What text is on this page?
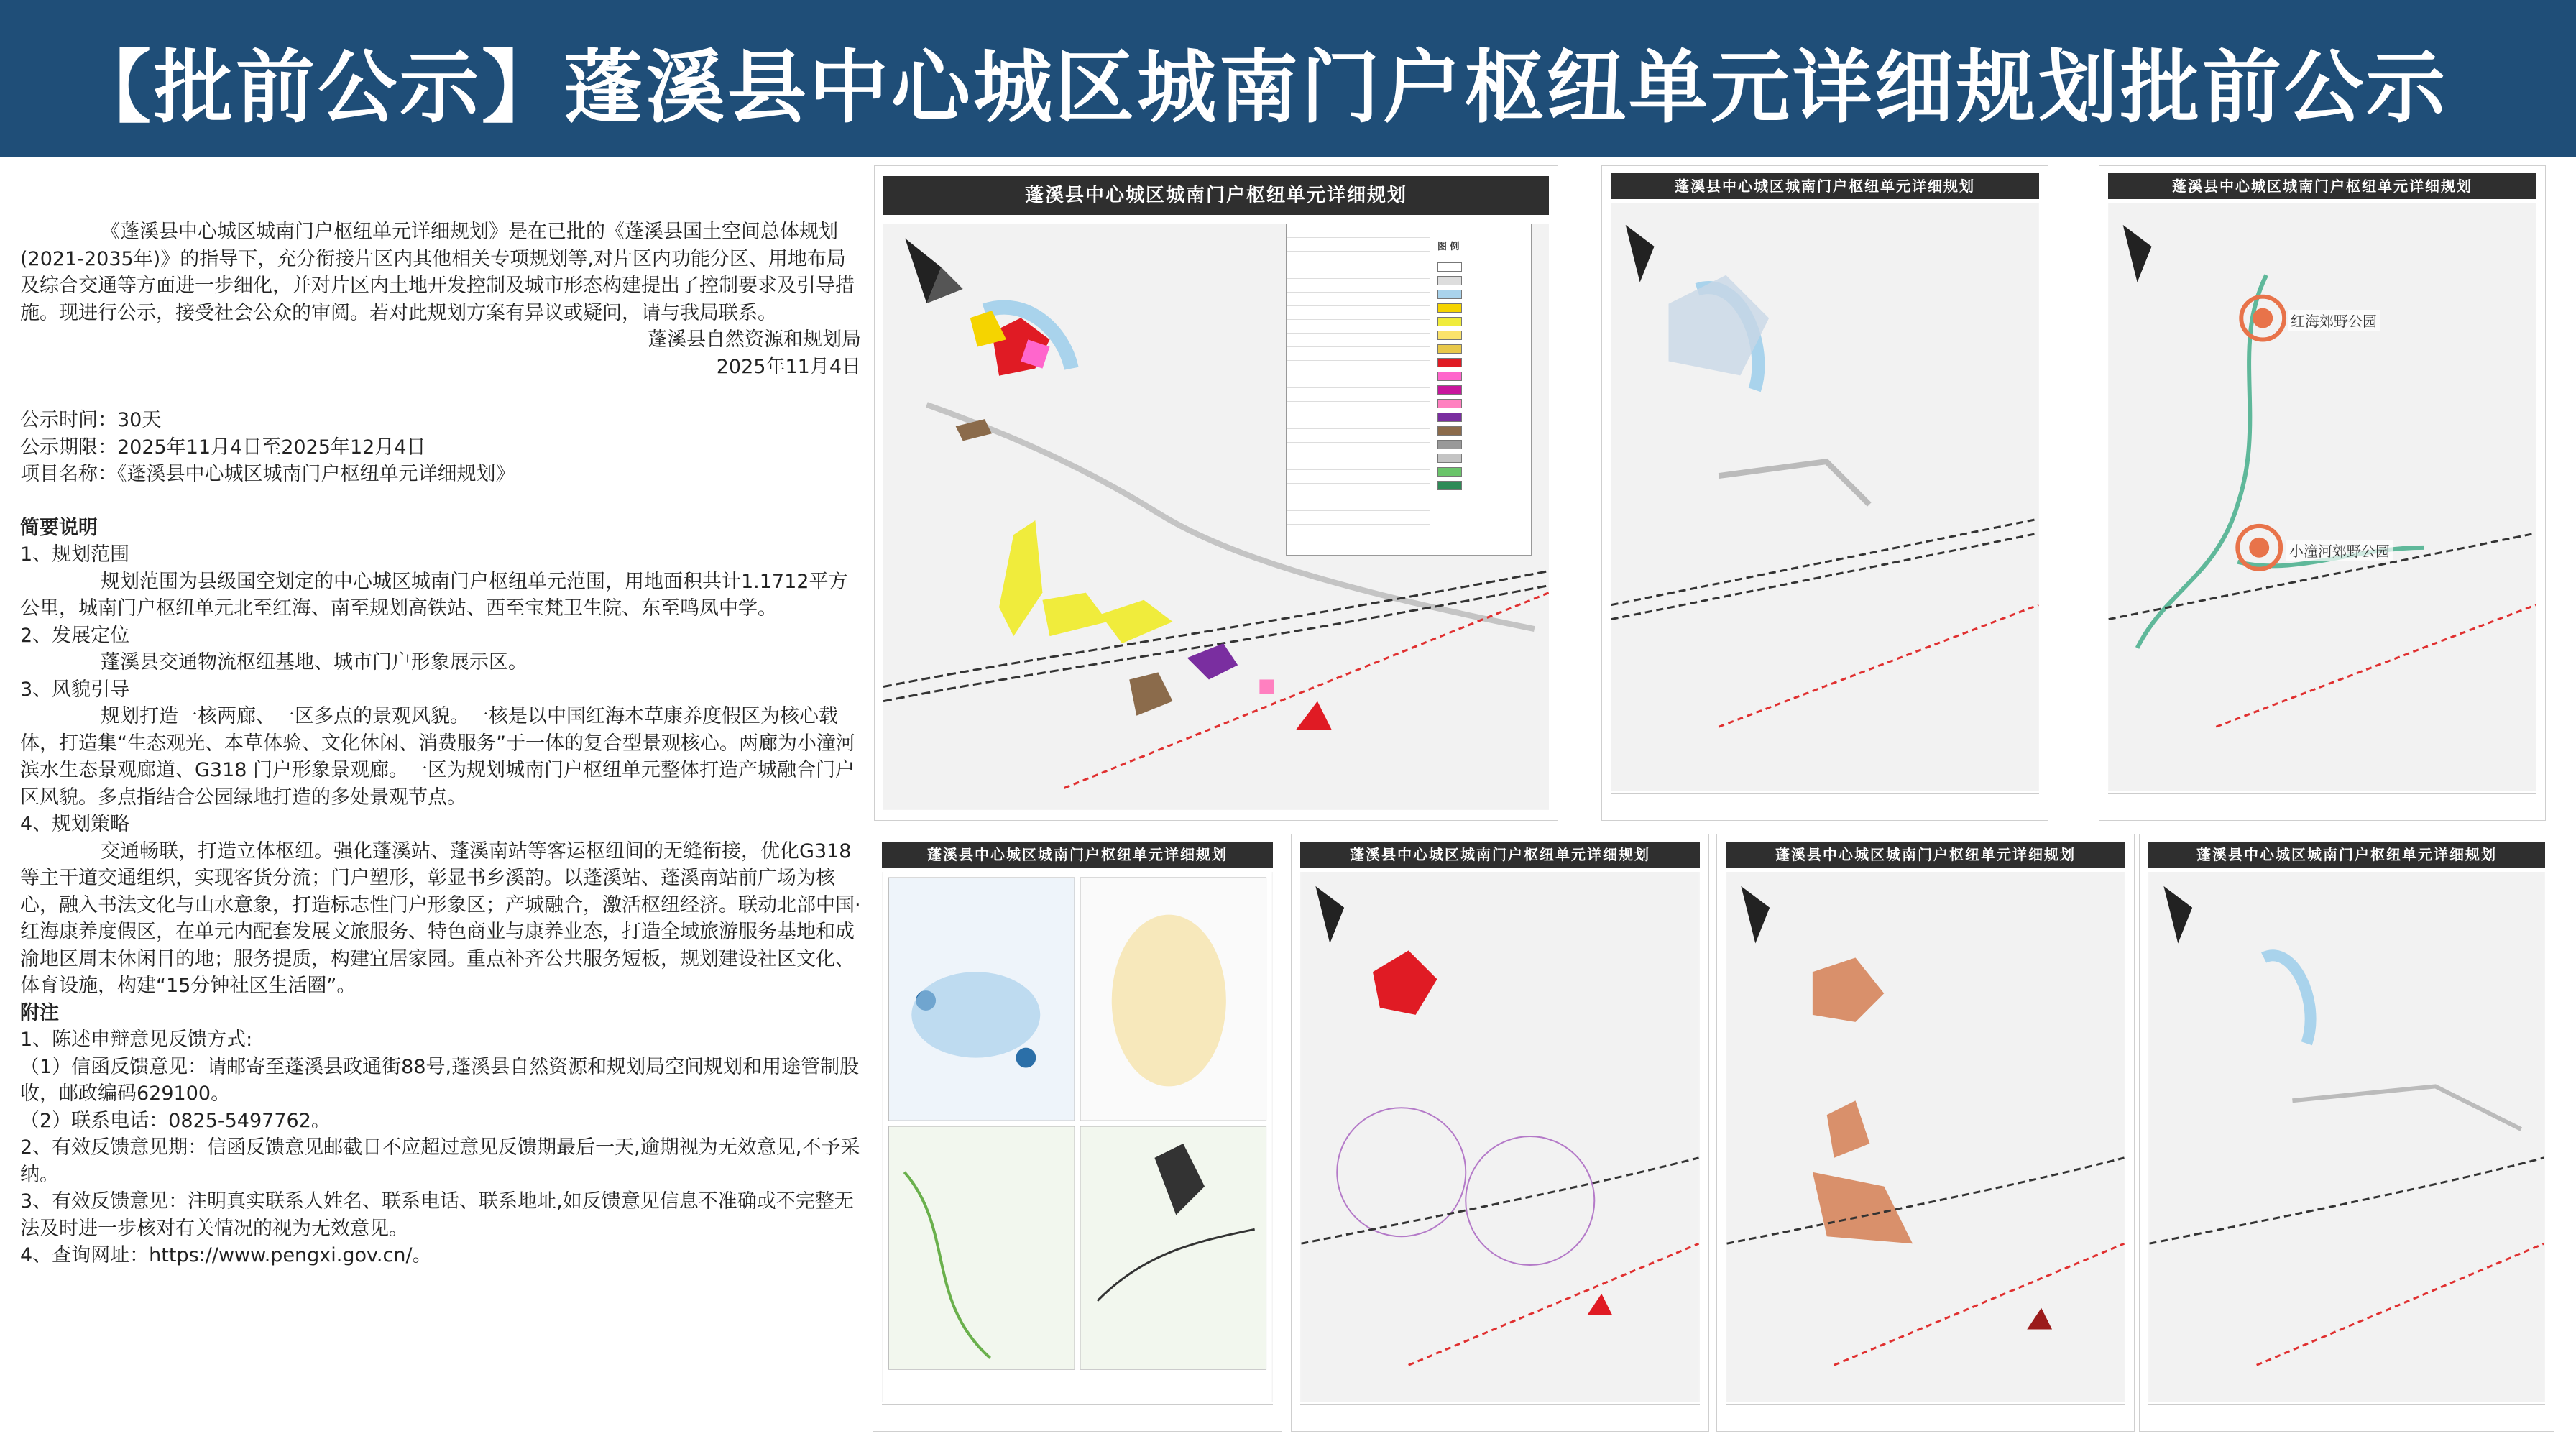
【批前公示】蓬溪县中心城区城南门户枢纽单元详细规划批前公示

《蓬溪县中心城区城南门户枢纽单元详细规划》是在已批的《蓬溪县国土空间总体规划(2021-2035年)》的指导下，充分衔接片区内其他相关专项规划等,对片区内功能分区、用地布局及综合交通等方面进一步细化，并对片区内土地开发控制及城市形态构建提出了控制要求及引导措施。现进行公示，接受社会公众的审阅。若对此规划方案有异议或疑问，请与我局联系。

蓬溪县自然资源和规划局

2025年11月4日

公示时间：30天

公示期限：2025年11月4日至2025年12月4日

项目名称：《蓬溪县中心城区城南门户枢纽单元详细规划》

简要说明

1、规划范围

规划范围为县级国空划定的中心城区城南门户枢纽单元范围，用地面积共计1.1712平方公里，城南门户枢纽单元北至红海、南至规划高铁站、西至宝梵卫生院、东至鸣凤中学。

2、发展定位

蓬溪县交通物流枢纽基地、城市门户形象展示区。

3、风貌引导

规划打造一核两廊、一区多点的景观风貌。一核是以中国红海本草康养度假区为核心载体，打造集“生态观光、本草体验、文化休闲、消费服务”于一体的复合型景观核心。两廊为小潼河滨水生态景观廊道、G318 门户形象景观廊。一区为规划城南门户枢纽单元整体打造产城融合门户区风貌。多点指结合公园绿地打造的多处景观节点。

4、规划策略

交通畅联，打造立体枢纽。强化蓬溪站、蓬溪南站等客运枢纽间的无缝衔接，优化G318等主干道交通组织，实现客货分流；门户塑形，彰显书乡溪韵。以蓬溪站、蓬溪南站前广场为核心，融入书法文化与山水意象，打造标志性门户形象区；产城融合，激活枢纽经济。联动北部中国·红海康养度假区，在单元内配套发展文旅服务、特色商业与康养业态，打造全域旅游服务基地和成渝地区周末休闲目的地；服务提质，构建宜居家园。重点补齐公共服务短板，规划建设社区文化、体育设施，构建“15分钟社区生活圈”。

附注

1、陈述申辩意见反馈方式:

（1）信函反馈意见：请邮寄至蓬溪县政通街88号,蓬溪县自然资源和规划局空间规划和用途管制股收，邮政编码629100。

（2）联系电话：0825-5497762。

2、有效反馈意见期：信函反馈意见邮截日不应超过意见反馈期最后一天,逾期视为无效意见,不予采纳。

3、有效反馈意见：注明真实联系人姓名、联系电话、联系地址,如反馈意见信息不准确或不完整无法及时进一步核对有关情况的视为无效意见。

4、查询网址：https://www.pengxi.gov.cn/。

蓬溪县中心城区城南门户枢纽单元详细规划
图 例
蓬溪县中心城区城南门户枢纽单元详细规划	蓬溪县中心城区城南门户枢纽单元详细规划
红海郊野公园
小潼河郊野公园
蓬溪县中心城区城南门户枢纽单元详细规划	蓬溪县中心城区城南门户枢纽单元详细规划	蓬溪县中心城区城南门户枢纽单元详细规划	蓬溪县中心城区城南门户枢纽单元详细规划
